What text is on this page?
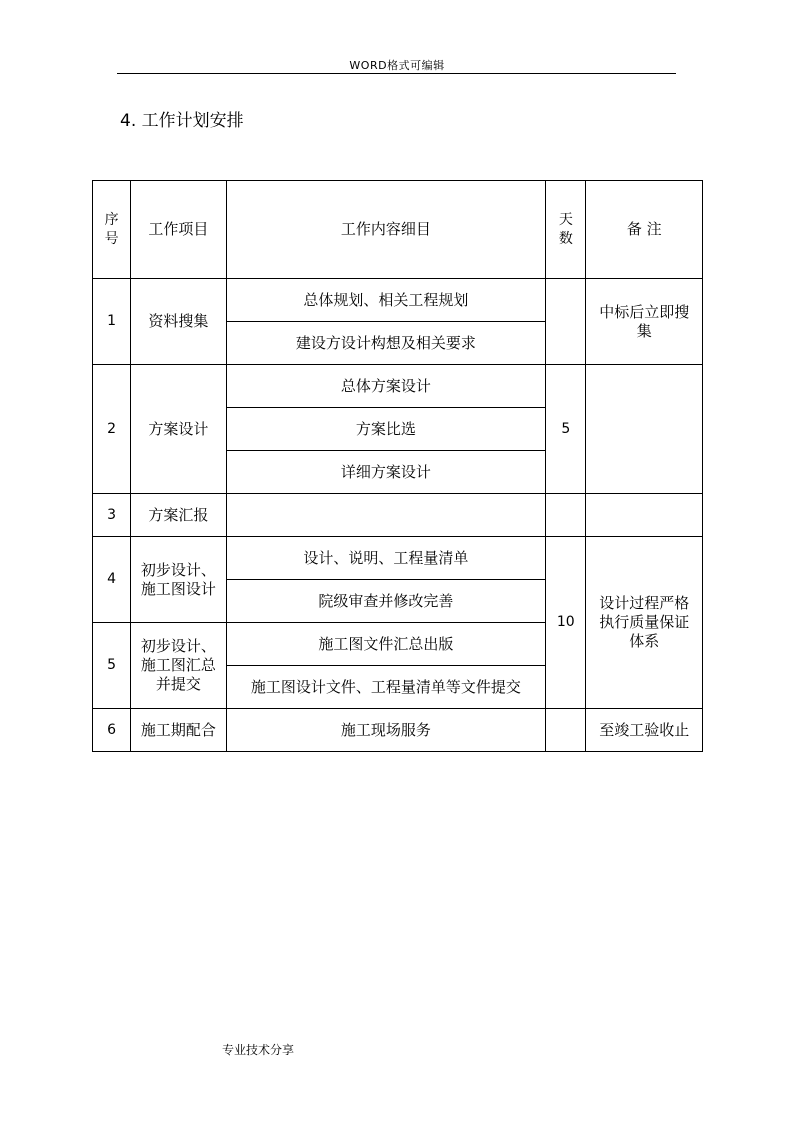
WORD格式可编辑
4. 工作计划安排
序号	工作项目	工作内容细目	天数	备 注
1	资料搜集	总体规划、相关工程规划		中标后立即搜集
		建设方设计构想及相关要求		
2	方案设计	总体方案设计	5	
		方案比选		
		详细方案设计		
3	方案汇报			
4	初步设计、施工图设计	设计、说明、工程量清单	10	设计过程严格执行质量保证体系
		院级审查并修改完善		
5	初步设计、施工图汇总并提交	施工图文件汇总出版		
		施工图设计文件、工程量清单等文件提交		
6	施工期配合	施工现场服务		至竣工验收止
专业技术分享
